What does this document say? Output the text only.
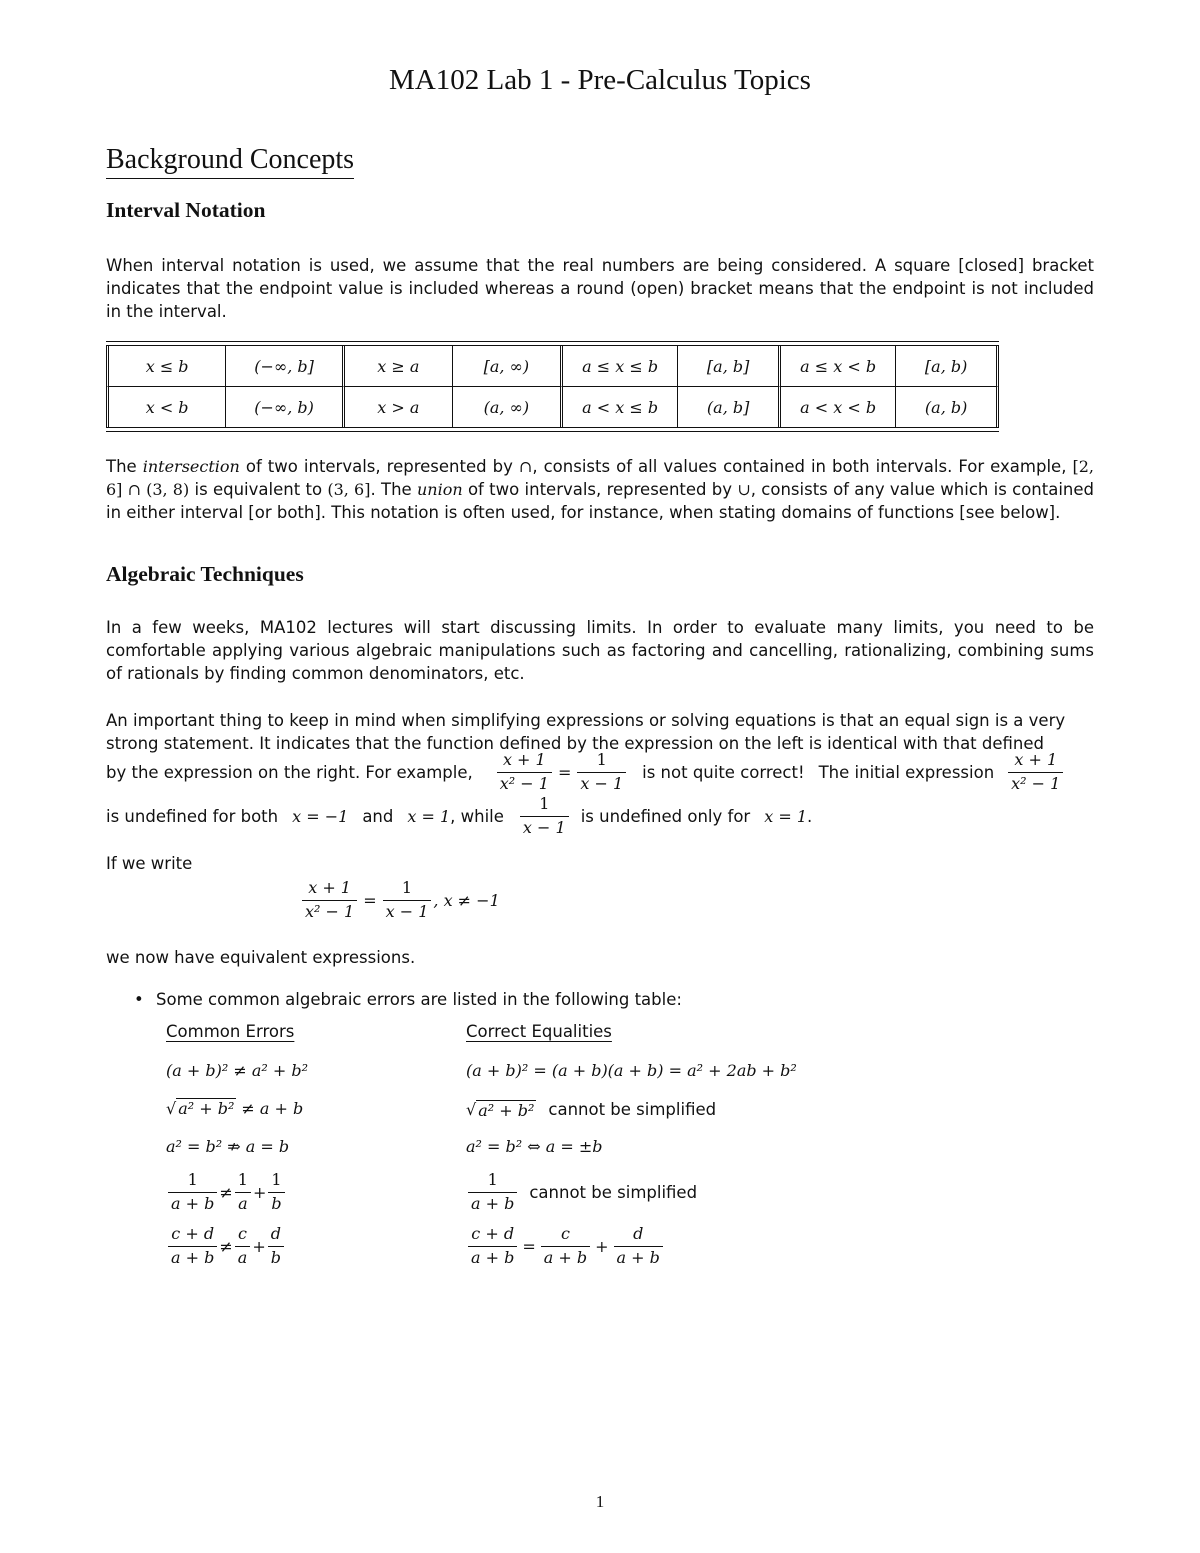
MA102 Lab 1 - Pre-Calculus Topics
Background Concepts
Interval Notation
When interval notation is used, we assume that the real numbers are being considered. A square [closed] bracket indicates that the endpoint value is included whereas a round (open) bracket means that the endpoint is not included in the interval.
x ≤ b	(−∞, b]	x ≥ a	[a, ∞)	a ≤ x ≤ b	[a, b]	a ≤ x < b	[a, b)
x < b	(−∞, b)	x > a	(a, ∞)	a < x ≤ b	(a, b]	a < x < b	(a, b)
The intersection of two intervals, represented by ∩, consists of all values contained in both intervals. For example, [2, 6] ∩ (3, 8) is equivalent to (3, 6]. The union of two intervals, represented by ∪, consists of any value which is contained in either interval [or both]. This notation is often used, for instance, when stating domains of functions [see below].
Algebraic Techniques
In a few weeks, MA102 lectures will start discussing limits. In order to evaluate many limits, you need to be comfortable applying various algebraic manipulations such as factoring and cancelling, rationalizing, combining sums of rationals by finding common denominators, etc.
An important thing to keep in mind when simplifying expressions or solving equations is that an equal sign is a very
strong statement. It indicates that the function defined by the expression on the left is identical with that defined
by the expression on the right. For example, $\frac{x + 1}{\text{x² − 1}} = \frac{1}{x - 1}$ is not quite correct! The initial expression $\frac{x + 1}{\text{x² − 1}}$
is undefined for both x = −1 and x = 1 , while $\frac{1}{x - 1}$ is undefined only for x = 1 .
If we write
$\frac{x + 1}{\text{x² − 1}} = \frac{1}{x - 1}$ , x ≠ −1
we now have equivalent expressions.
• Some common algebraic errors are listed in the following table:
Common Errors	Correct Equalities
(a + b)² ≠ a² + b²	(a + b)² = (a + b)(a + b) = a² + 2ab + b²
√ a² + b² ≠ a + b	√ a² + b² cannot be simplified
a² = b² ⇏ a = b	a² = b² ⇔ a = ±b
$\frac{1}{a + b} \ne \frac{1}{a} + \frac{1}{b}$	$\frac{1}{a + b}$ cannot be simplified
$\frac{c + d}{a + b} \ne \frac{c}{a} + \frac{d}{b}$	$\frac{c + d}{a + b} = \frac{c}{a + b} + \frac{d}{a + b}$
1
